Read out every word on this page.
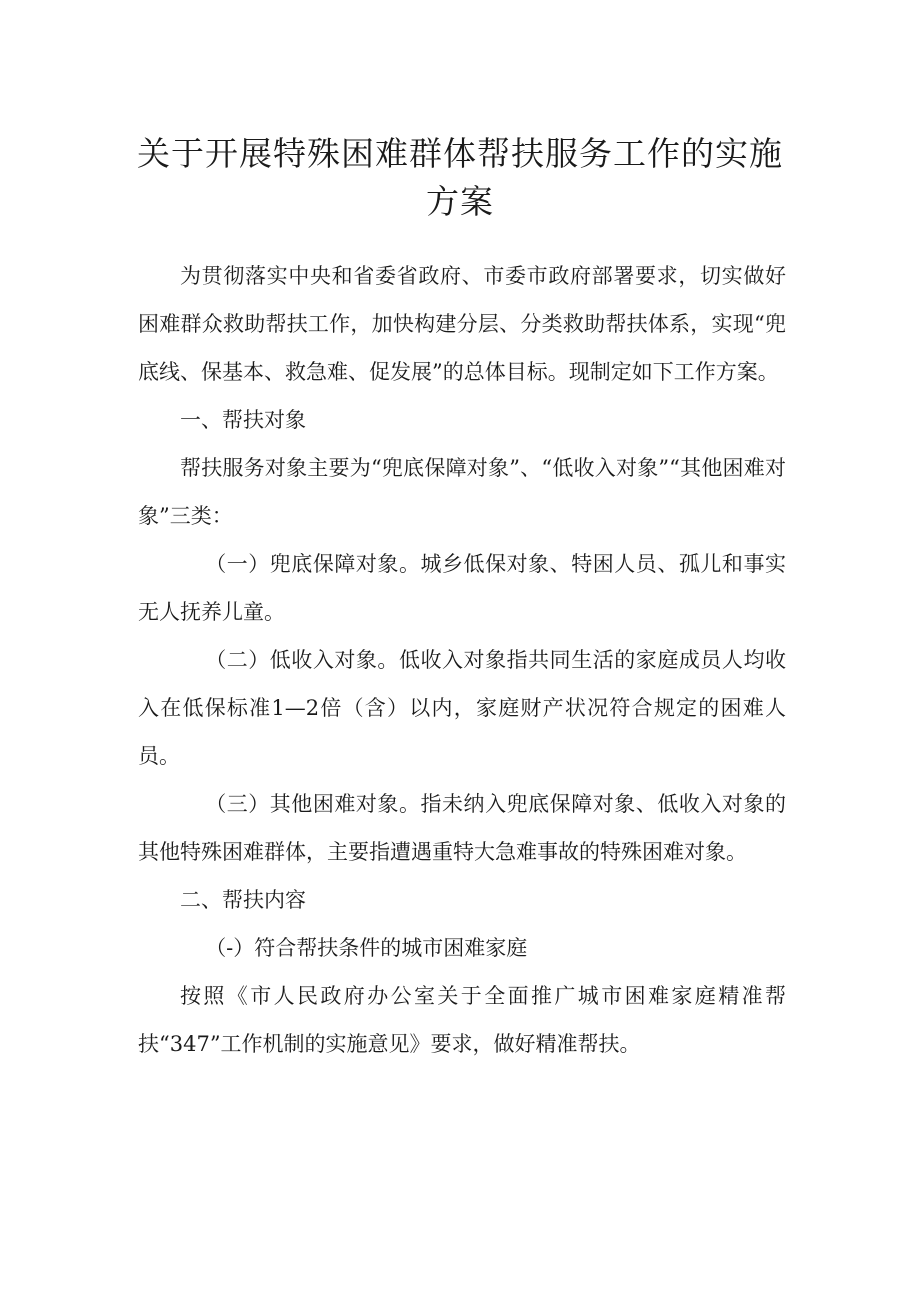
关于开展特殊困难群体帮扶服务工作的实施方案

为贯彻落实中央和省委省政府、市委市政府部署要求，切实做好困难群众救助帮扶工作，加快构建分层、分类救助帮扶体系，实现“兜底线、保基本、救急难、促发展”的总体目标。现制定如下工作方案。

一、帮扶对象

帮扶服务对象主要为“兜底保障对象”、“低收入对象”“其他困难对象”三类：

（一）兜底保障对象。城乡低保对象、特困人员、孤儿和事实无人抚养儿童。

（二）低收入对象。低收入对象指共同生活的家庭成员人均收入在低保标准1—2倍（含）以内，家庭财产状况符合规定的困难人员。

（三）其他困难对象。指未纳入兜底保障对象、低收入对象的其他特殊困难群体，主要指遭遇重特大急难事故的特殊困难对象。

二、帮扶内容

（-）符合帮扶条件的城市困难家庭

按照《市人民政府办公室关于全面推广城市困难家庭精准帮扶“347”工作机制的实施意见》要求，做好精准帮扶。
